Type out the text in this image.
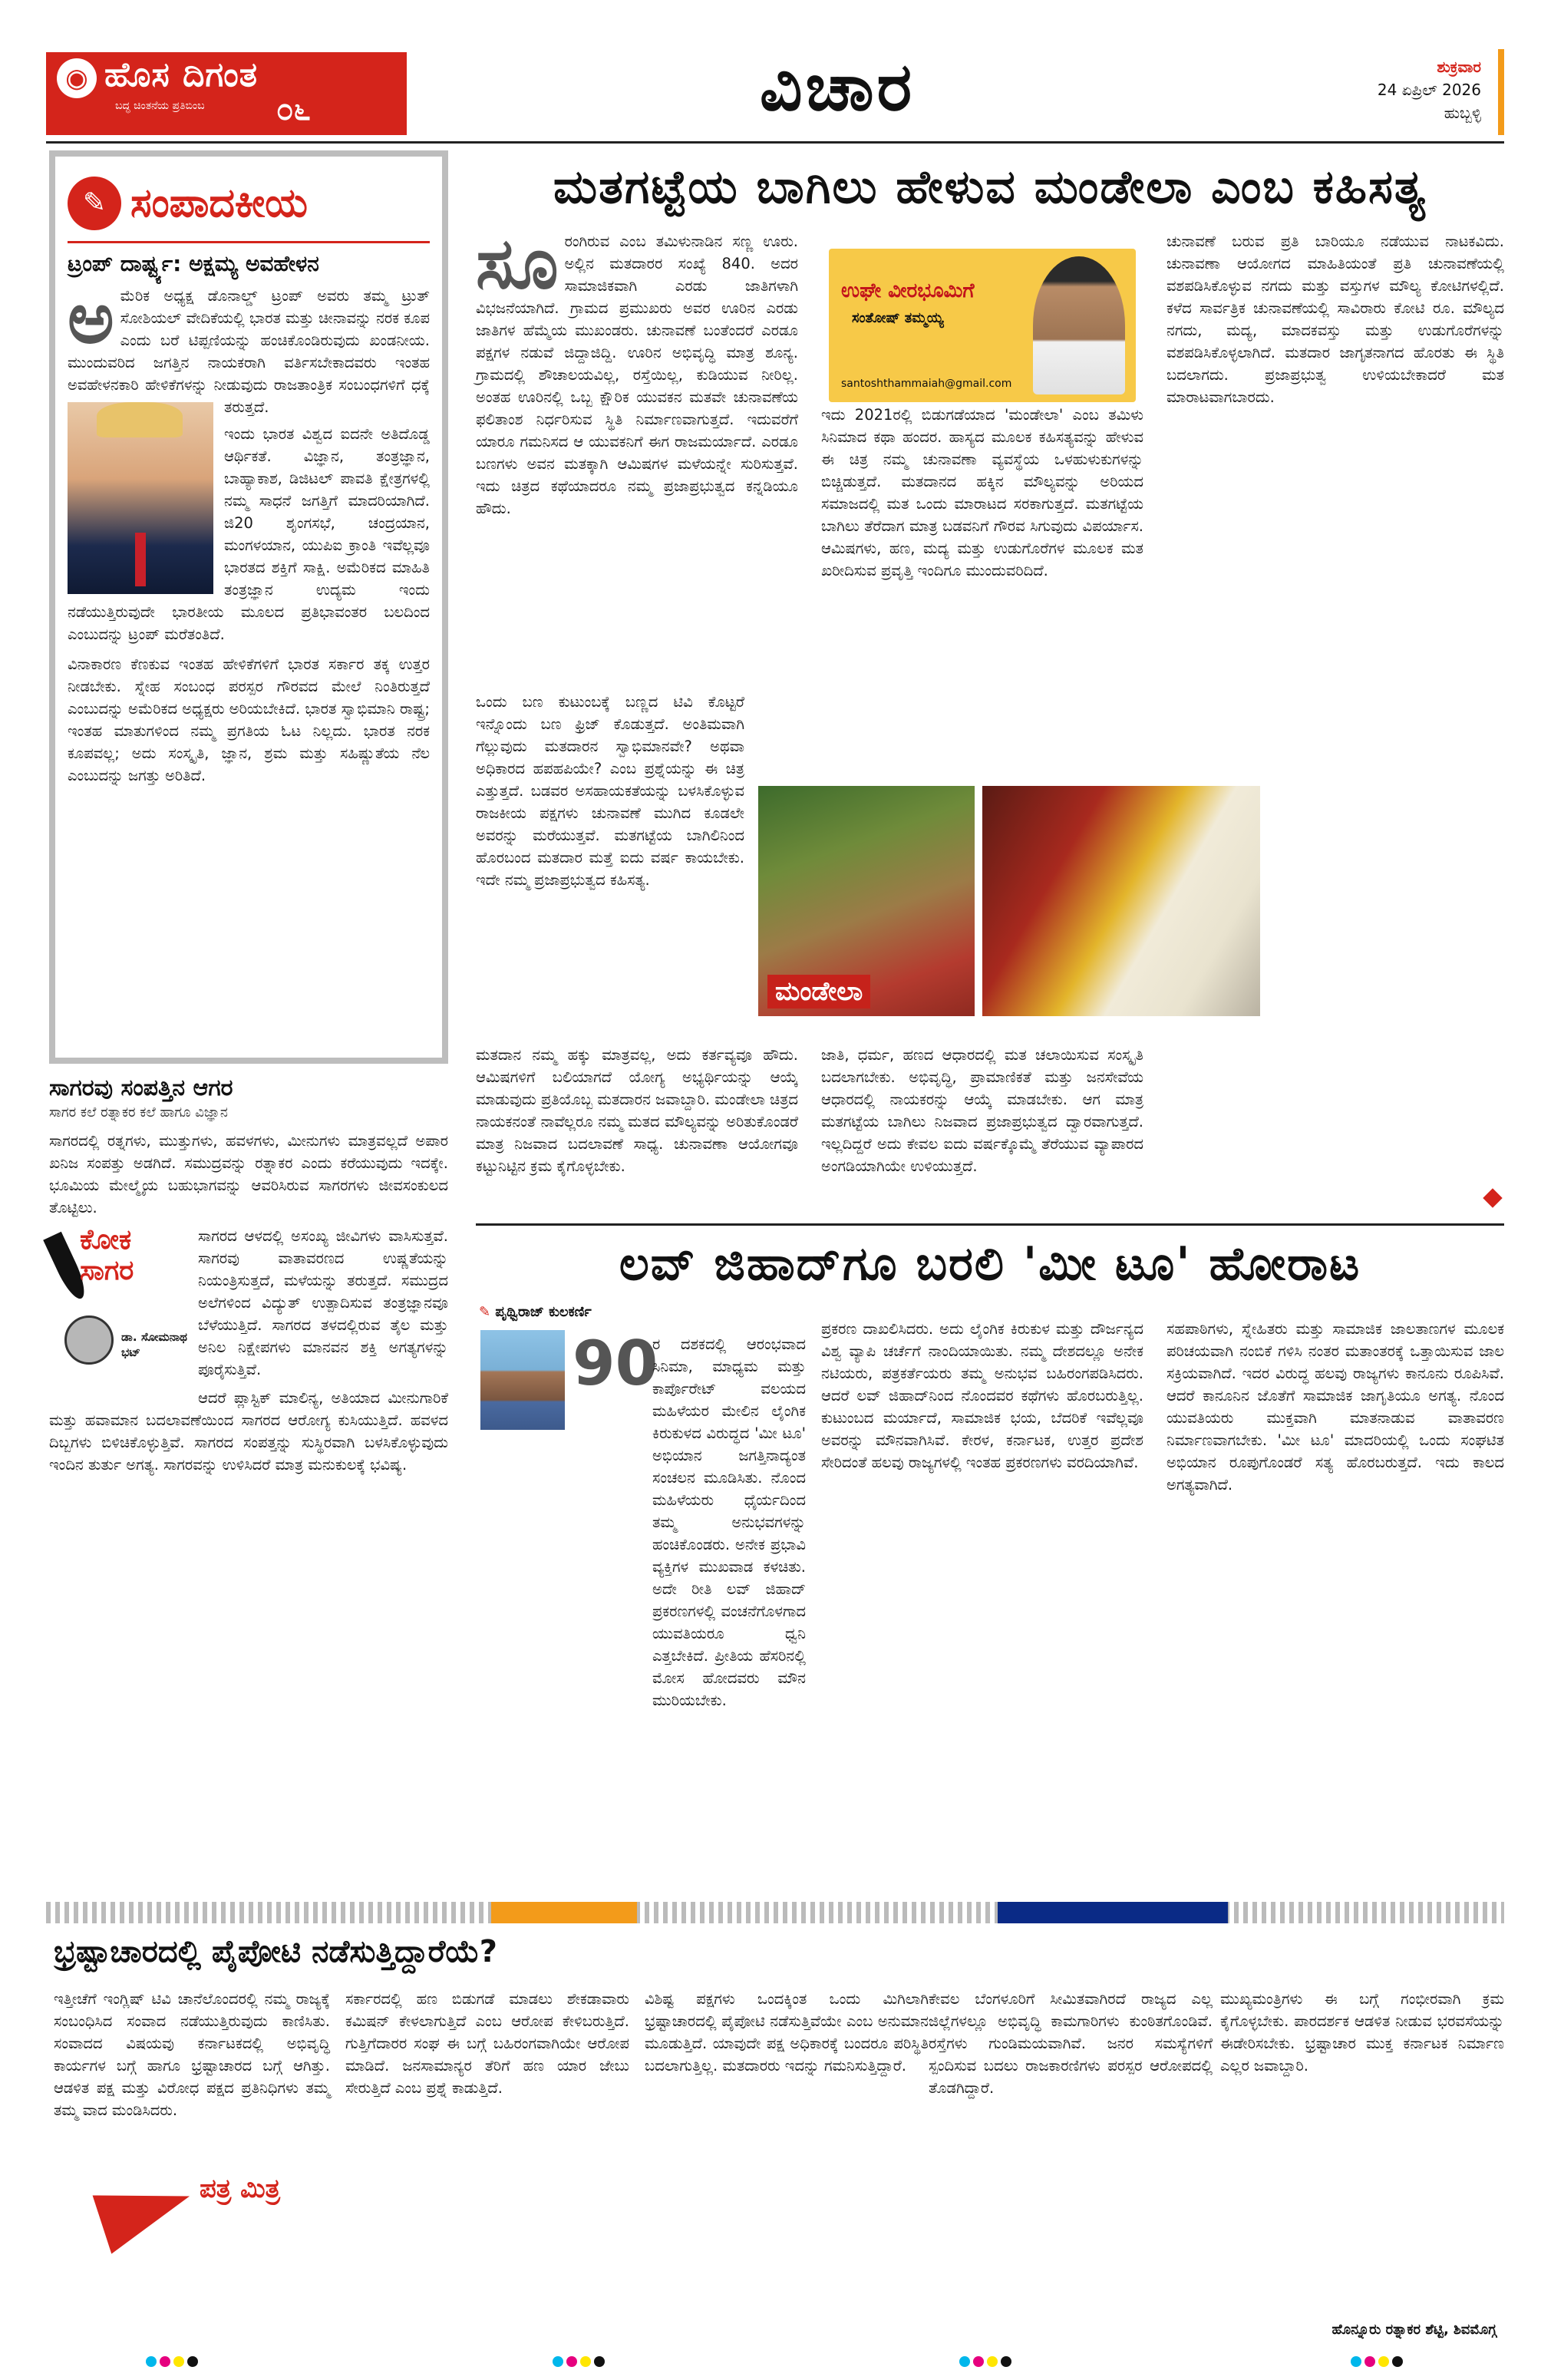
◉ ಹೊಸ ದಿಗಂತ
ಬದ್ಧ ಚಿಂತನೆಯ ಪ್ರತಿಬಿಂಬ ೦೬	ವಿಚಾರ	ಶುಕ್ರವಾರ
24 ಏಪ್ರಿಲ್ 2026
ಹುಬ್ಬಳ್ಳಿ
✎ ಸಂಪಾದಕೀಯ
ಟ್ರಂಪ್ ದಾರ್ಷ್ಟ್ಯ: ಅಕ್ಷಮ್ಯ ಅವಹೇಳನ
ಅ ಮೆರಿಕ ಅಧ್ಯಕ್ಷ ಡೊನಾಲ್ಡ್ ಟ್ರಂಪ್ ಅವರು ತಮ್ಮ ಟ್ರುತ್ ಸೋಶಿಯಲ್ ವೇದಿಕೆಯಲ್ಲಿ ಭಾರತ ಮತ್ತು ಚೀನಾವನ್ನು ನರಕ ಕೂಪ ಎಂದು ಬರೆ ಟಿಪ್ಪಣಿಯನ್ನು ಹಂಚಿಕೊಂಡಿರುವುದು ಖಂಡನೀಯ. ಮುಂದುವರಿದ ಜಗತ್ತಿನ ನಾಯಕರಾಗಿ ವರ್ತಿಸಬೇಕಾದವರು ಇಂತಹ ಅವಹೇಳನಕಾರಿ ಹೇಳಿಕೆಗಳನ್ನು ನೀಡುವುದು ರಾಜತಾಂತ್ರಿಕ ಸಂಬಂಧಗಳಿಗೆ ಧಕ್ಕೆ ತರುತ್ತದೆ.

ಇಂದು ಭಾರತ ವಿಶ್ವದ ಐದನೇ ಅತಿದೊಡ್ಡ ಆರ್ಥಿಕತೆ. ವಿಜ್ಞಾನ, ತಂತ್ರಜ್ಞಾನ, ಬಾಹ್ಯಾಕಾಶ, ಡಿಜಿಟಲ್ ಪಾವತಿ ಕ್ಷೇತ್ರಗಳಲ್ಲಿ ನಮ್ಮ ಸಾಧನೆ ಜಗತ್ತಿಗೆ ಮಾದರಿಯಾಗಿದೆ. ಜಿ20 ಶೃಂಗಸಭೆ, ಚಂದ್ರಯಾನ, ಮಂಗಳಯಾನ, ಯುಪಿಐ ಕ್ರಾಂತಿ ಇವೆಲ್ಲವೂ ಭಾರತದ ಶಕ್ತಿಗೆ ಸಾಕ್ಷಿ. ಅಮೆರಿಕದ ಮಾಹಿತಿ ತಂತ್ರಜ್ಞಾನ ಉದ್ಯಮ ಇಂದು ನಡೆಯುತ್ತಿರುವುದೇ ಭಾರತೀಯ ಮೂಲದ ಪ್ರತಿಭಾವಂತರ ಬಲದಿಂದ ಎಂಬುದನ್ನು ಟ್ರಂಪ್ ಮರೆತಂತಿದೆ.

ವಿನಾಕಾರಣ ಕೆಣಕುವ ಇಂತಹ ಹೇಳಿಕೆಗಳಿಗೆ ಭಾರತ ಸರ್ಕಾರ ತಕ್ಕ ಉತ್ತರ ನೀಡಬೇಕು. ಸ್ನೇಹ ಸಂಬಂಧ ಪರಸ್ಪರ ಗೌರವದ ಮೇಲೆ ನಿಂತಿರುತ್ತದೆ ಎಂಬುದನ್ನು ಅಮೆರಿಕದ ಅಧ್ಯಕ್ಷರು ಅರಿಯಬೇಕಿದೆ. ಭಾರತ ಸ್ವಾಭಿಮಾನಿ ರಾಷ್ಟ್ರ; ಇಂತಹ ಮಾತುಗಳಿಂದ ನಮ್ಮ ಪ್ರಗತಿಯ ಓಟ ನಿಲ್ಲದು. ಭಾರತ ನರಕ ಕೂಪವಲ್ಲ; ಅದು ಸಂಸ್ಕೃತಿ, ಜ್ಞಾನ, ಶ್ರಮ ಮತ್ತು ಸಹಿಷ್ಣುತೆಯ ನೆಲ ಎಂಬುದನ್ನು ಜಗತ್ತು ಅರಿತಿದೆ.

ಸಾಗರವು ಸಂಪತ್ತಿನ ಆಗರ
ಸಾಗರ ಕಲೆ ರತ್ನಾಕರ ಕಲೆ ಹಾಗೂ ವಿಜ್ಞಾನ

ಸಾಗರದಲ್ಲಿ ರತ್ನಗಳು, ಮುತ್ತುಗಳು, ಹವಳಗಳು, ಮೀನುಗಳು ಮಾತ್ರವಲ್ಲದೆ ಅಪಾರ ಖನಿಜ ಸಂಪತ್ತು ಅಡಗಿದೆ. ಸಮುದ್ರವನ್ನು ರತ್ನಾಕರ ಎಂದು ಕರೆಯುವುದು ಇದಕ್ಕೇ. ಭೂಮಿಯ ಮೇಲ್ಮೈಯ ಬಹುಭಾಗವನ್ನು ಆವರಿಸಿರುವ ಸಾಗರಗಳು ಜೀವಸಂಕುಲದ ತೊಟ್ಟಿಲು.

ಕೋಕ ಸಾಗರ
ಡಾ. ಸೋಮನಾಥ ಭಟ್

ಸಾಗರದ ಆಳದಲ್ಲಿ ಅಸಂಖ್ಯ ಜೀವಿಗಳು ವಾಸಿಸುತ್ತವೆ. ಸಾಗರವು ವಾತಾವರಣದ ಉಷ್ಣತೆಯನ್ನು ನಿಯಂತ್ರಿಸುತ್ತದೆ, ಮಳೆಯನ್ನು ತರುತ್ತದೆ. ಸಮುದ್ರದ ಅಲೆಗಳಿಂದ ವಿದ್ಯುತ್ ಉತ್ಪಾದಿಸುವ ತಂತ್ರಜ್ಞಾನವೂ ಬೆಳೆಯುತ್ತಿದೆ. ಸಾಗರದ ತಳದಲ್ಲಿರುವ ತೈಲ ಮತ್ತು ಅನಿಲ ನಿಕ್ಷೇಪಗಳು ಮಾನವನ ಶಕ್ತಿ ಅಗತ್ಯಗಳನ್ನು ಪೂರೈಸುತ್ತಿವೆ.

ಆದರೆ ಪ್ಲಾಸ್ಟಿಕ್ ಮಾಲಿನ್ಯ, ಅತಿಯಾದ ಮೀನುಗಾರಿಕೆ ಮತ್ತು ಹವಾಮಾನ ಬದಲಾವಣೆಯಿಂದ ಸಾಗರದ ಆರೋಗ್ಯ ಕುಸಿಯುತ್ತಿದೆ. ಹವಳದ ದಿಬ್ಬಗಳು ಬಿಳಿಚಿಕೊಳ್ಳುತ್ತಿವೆ. ಸಾಗರದ ಸಂಪತ್ತನ್ನು ಸುಸ್ಥಿರವಾಗಿ ಬಳಸಿಕೊಳ್ಳುವುದು ಇಂದಿನ ತುರ್ತು ಅಗತ್ಯ. ಸಾಗರವನ್ನು ಉಳಿಸಿದರೆ ಮಾತ್ರ ಮನುಕುಲಕ್ಕೆ ಭವಿಷ್ಯ.

ಮತಗಟ್ಟೆಯ ಬಾಗಿಲು ಹೇಳುವ ಮಂಡೇಲಾ ಎಂಬ ಕಹಿಸತ್ಯ
ಸೂ ರಂಗಿರುವ ಎಂಬ ತಮಿಳುನಾಡಿನ ಸಣ್ಣ ಊರು. ಅಲ್ಲಿನ ಮತದಾರರ ಸಂಖ್ಯೆ 840. ಅದರ ಸಾಮಾಜಿಕವಾಗಿ ಎರಡು ಜಾತಿಗಳಾಗಿ ವಿಭಜನೆಯಾಗಿದೆ. ಗ್ರಾಮದ ಪ್ರಮುಖರು ಅವರ ಊರಿನ ಎರಡು ಜಾತಿಗಳ ಹೆಮ್ಮೆಯ ಮುಖಂಡರು. ಚುನಾವಣೆ ಬಂತೆಂದರೆ ಎರಡೂ ಪಕ್ಷಗಳ ನಡುವೆ ಜಿದ್ದಾಜಿದ್ದಿ. ಊರಿನ ಅಭಿವೃದ್ಧಿ ಮಾತ್ರ ಶೂನ್ಯ. ಗ್ರಾಮದಲ್ಲಿ ಶೌಚಾಲಯವಿಲ್ಲ, ರಸ್ತೆಯಿಲ್ಲ, ಕುಡಿಯುವ ನೀರಿಲ್ಲ. ಅಂತಹ ಊರಿನಲ್ಲಿ ಒಬ್ಬ ಕ್ಷೌರಿಕ ಯುವಕನ ಮತವೇ ಚುನಾವಣೆಯ ಫಲಿತಾಂಶ ನಿರ್ಧರಿಸುವ ಸ್ಥಿತಿ ನಿರ್ಮಾಣವಾಗುತ್ತದೆ. ಇದುವರೆಗೆ ಯಾರೂ ಗಮನಿಸದ ಆ ಯುವಕನಿಗೆ ಈಗ ರಾಜಮರ್ಯಾದೆ. ಎರಡೂ ಬಣಗಳು ಅವನ ಮತಕ್ಕಾಗಿ ಆಮಿಷಗಳ ಮಳೆಯನ್ನೇ ಸುರಿಸುತ್ತವೆ. ಇದು ಚಿತ್ರದ ಕಥೆಯಾದರೂ ನಮ್ಮ ಪ್ರಜಾಪ್ರಭುತ್ವದ ಕನ್ನಡಿಯೂ ಹೌದು.
ಇದು 2021ರಲ್ಲಿ ಬಿಡುಗಡೆಯಾದ 'ಮಂಡೇಲಾ' ಎಂಬ ತಮಿಳು ಸಿನಿಮಾದ ಕಥಾ ಹಂದರ. ಹಾಸ್ಯದ ಮೂಲಕ ಕಹಿಸತ್ಯವನ್ನು ಹೇಳುವ ಈ ಚಿತ್ರ ನಮ್ಮ ಚುನಾವಣಾ ವ್ಯವಸ್ಥೆಯ ಒಳಹುಳುಕುಗಳನ್ನು ಬಿಚ್ಚಿಡುತ್ತದೆ. ಮತದಾನದ ಹಕ್ಕಿನ ಮೌಲ್ಯವನ್ನು ಅರಿಯದ ಸಮಾಜದಲ್ಲಿ ಮತ ಒಂದು ಮಾರಾಟದ ಸರಕಾಗುತ್ತದೆ. ಮತಗಟ್ಟೆಯ ಬಾಗಿಲು ತೆರೆದಾಗ ಮಾತ್ರ ಬಡವನಿಗೆ ಗೌರವ ಸಿಗುವುದು ವಿಪರ್ಯಾಸ. ಆಮಿಷಗಳು, ಹಣ, ಮದ್ಯ ಮತ್ತು ಉಡುಗೊರೆಗಳ ಮೂಲಕ ಮತ ಖರೀದಿಸುವ ಪ್ರವೃತ್ತಿ ಇಂದಿಗೂ ಮುಂದುವರಿದಿದೆ.
ಚುನಾವಣೆ ಬರುವ ಪ್ರತಿ ಬಾರಿಯೂ ನಡೆಯುವ ನಾಟಕವಿದು. ಚುನಾವಣಾ ಆಯೋಗದ ಮಾಹಿತಿಯಂತೆ ಪ್ರತಿ ಚುನಾವಣೆಯಲ್ಲಿ ವಶಪಡಿಸಿಕೊಳ್ಳುವ ನಗದು ಮತ್ತು ವಸ್ತುಗಳ ಮೌಲ್ಯ ಕೋಟಿಗಳಲ್ಲಿದೆ. ಕಳೆದ ಸಾರ್ವತ್ರಿಕ ಚುನಾವಣೆಯಲ್ಲಿ ಸಾವಿರಾರು ಕೋಟಿ ರೂ. ಮೌಲ್ಯದ ನಗದು, ಮದ್ಯ, ಮಾದಕವಸ್ತು ಮತ್ತು ಉಡುಗೊರೆಗಳನ್ನು ವಶಪಡಿಸಿಕೊಳ್ಳಲಾಗಿದೆ. ಮತದಾರ ಜಾಗೃತನಾಗದ ಹೊರತು ಈ ಸ್ಥಿತಿ ಬದಲಾಗದು. ಪ್ರಜಾಪ್ರಭುತ್ವ ಉಳಿಯಬೇಕಾದರೆ ಮತ ಮಾರಾಟವಾಗಬಾರದು.
ಒಂದು ಬಣ ಕುಟುಂಬಕ್ಕೆ ಬಣ್ಣದ ಟಿವಿ ಕೊಟ್ಟರೆ ಇನ್ನೊಂದು ಬಣ ಫ್ರಿಜ್ ಕೊಡುತ್ತದೆ. ಅಂತಿಮವಾಗಿ ಗೆಲ್ಲುವುದು ಮತದಾರನ ಸ್ವಾಭಿಮಾನವೇ? ಅಥವಾ ಅಧಿಕಾರದ ಹಪಹಪಿಯೇ? ಎಂಬ ಪ್ರಶ್ನೆಯನ್ನು ಈ ಚಿತ್ರ ಎತ್ತುತ್ತದೆ. ಬಡವರ ಅಸಹಾಯಕತೆಯನ್ನು ಬಳಸಿಕೊಳ್ಳುವ ರಾಜಕೀಯ ಪಕ್ಷಗಳು ಚುನಾವಣೆ ಮುಗಿದ ಕೂಡಲೇ ಅವರನ್ನು ಮರೆಯುತ್ತವೆ. ಮತಗಟ್ಟೆಯ ಬಾಗಿಲಿನಿಂದ ಹೊರಬಂದ ಮತದಾರ ಮತ್ತೆ ಐದು ವರ್ಷ ಕಾಯಬೇಕು. ಇದೇ ನಮ್ಮ ಪ್ರಜಾಪ್ರಭುತ್ವದ ಕಹಿಸತ್ಯ.
ಮತದಾನ ನಮ್ಮ ಹಕ್ಕು ಮಾತ್ರವಲ್ಲ, ಅದು ಕರ್ತವ್ಯವೂ ಹೌದು. ಆಮಿಷಗಳಿಗೆ ಬಲಿಯಾಗದೆ ಯೋಗ್ಯ ಅಭ್ಯರ್ಥಿಯನ್ನು ಆಯ್ಕೆ ಮಾಡುವುದು ಪ್ರತಿಯೊಬ್ಬ ಮತದಾರನ ಜವಾಬ್ದಾರಿ. ಮಂಡೇಲಾ ಚಿತ್ರದ ನಾಯಕನಂತೆ ನಾವೆಲ್ಲರೂ ನಮ್ಮ ಮತದ ಮೌಲ್ಯವನ್ನು ಅರಿತುಕೊಂಡರೆ ಮಾತ್ರ ನಿಜವಾದ ಬದಲಾವಣೆ ಸಾಧ್ಯ. ಚುನಾವಣಾ ಆಯೋಗವೂ ಕಟ್ಟುನಿಟ್ಟಿನ ಕ್ರಮ ಕೈಗೊಳ್ಳಬೇಕು.
ಜಾತಿ, ಧರ್ಮ, ಹಣದ ಆಧಾರದಲ್ಲಿ ಮತ ಚಲಾಯಿಸುವ ಸಂಸ್ಕೃತಿ ಬದಲಾಗಬೇಕು. ಅಭಿವೃದ್ಧಿ, ಪ್ರಾಮಾಣಿಕತೆ ಮತ್ತು ಜನಸೇವೆಯ ಆಧಾರದಲ್ಲಿ ನಾಯಕರನ್ನು ಆಯ್ಕೆ ಮಾಡಬೇಕು. ಆಗ ಮಾತ್ರ ಮತಗಟ್ಟೆಯ ಬಾಗಿಲು ನಿಜವಾದ ಪ್ರಜಾಪ್ರಭುತ್ವದ ದ್ವಾರವಾಗುತ್ತದೆ. ಇಲ್ಲದಿದ್ದರೆ ಅದು ಕೇವಲ ಐದು ವರ್ಷಕ್ಕೊಮ್ಮೆ ತೆರೆಯುವ ವ್ಯಾಪಾರದ ಅಂಗಡಿಯಾಗಿಯೇ ಉಳಿಯುತ್ತದೆ.
ಉಘೇ ವೀರಭೂಮಿಗೆ
ಸಂತೋಷ್ ತಮ್ಮಯ್ಯ
santoshthammaiah@gmail.com
ಮಂಡೇಲಾ
ಲವ್ ಜಿಹಾದ್‌ಗೂ ಬರಲಿ 'ಮೀ ಟೂ' ಹೋರಾಟ
✎ ಪೃಥ್ವಿರಾಜ್ ಕುಲಕರ್ಣಿ
90
ರ ದಶಕದಲ್ಲಿ ಆರಂಭವಾದ ಸಿನಿಮಾ, ಮಾಧ್ಯಮ ಮತ್ತು ಕಾರ್ಪೊರೇಟ್ ವಲಯದ ಮಹಿಳೆಯರ ಮೇಲಿನ ಲೈಂಗಿಕ ಕಿರುಕುಳದ ವಿರುದ್ಧದ 'ಮೀ ಟೂ' ಅಭಿಯಾನ ಜಗತ್ತಿನಾದ್ಯಂತ ಸಂಚಲನ ಮೂಡಿಸಿತು. ನೊಂದ ಮಹಿಳೆಯರು ಧೈರ್ಯದಿಂದ ತಮ್ಮ ಅನುಭವಗಳನ್ನು ಹಂಚಿಕೊಂಡರು. ಅನೇಕ ಪ್ರಭಾವಿ ವ್ಯಕ್ತಿಗಳ ಮುಖವಾಡ ಕಳಚಿತು. ಅದೇ ರೀತಿ ಲವ್ ಜಿಹಾದ್ ಪ್ರಕರಣಗಳಲ್ಲಿ ವಂಚನೆಗೊಳಗಾದ ಯುವತಿಯರೂ ಧ್ವನಿ ಎತ್ತಬೇಕಿದೆ. ಪ್ರೀತಿಯ ಹೆಸರಿನಲ್ಲಿ ಮೋಸ ಹೋದವರು ಮೌನ ಮುರಿಯಬೇಕು.
ಪ್ರಕರಣ ದಾಖಲಿಸಿದರು. ಅದು ಲೈಂಗಿಕ ಕಿರುಕುಳ ಮತ್ತು ದೌರ್ಜನ್ಯದ ವಿಶ್ವ ವ್ಯಾಪಿ ಚರ್ಚೆಗೆ ನಾಂದಿಯಾಯಿತು. ನಮ್ಮ ದೇಶದಲ್ಲೂ ಅನೇಕ ನಟಿಯರು, ಪತ್ರಕರ್ತೆಯರು ತಮ್ಮ ಅನುಭವ ಬಹಿರಂಗಪಡಿಸಿದರು. ಆದರೆ ಲವ್ ಜಿಹಾದ್‌ನಿಂದ ನೊಂದವರ ಕಥೆಗಳು ಹೊರಬರುತ್ತಿಲ್ಲ. ಕುಟುಂಬದ ಮರ್ಯಾದೆ, ಸಾಮಾಜಿಕ ಭಯ, ಬೆದರಿಕೆ ಇವೆಲ್ಲವೂ ಅವರನ್ನು ಮೌನವಾಗಿಸಿವೆ. ಕೇರಳ, ಕರ್ನಾಟಕ, ಉತ್ತರ ಪ್ರದೇಶ ಸೇರಿದಂತೆ ಹಲವು ರಾಜ್ಯಗಳಲ್ಲಿ ಇಂತಹ ಪ್ರಕರಣಗಳು ವರದಿಯಾಗಿವೆ.
ಸಹಪಾಠಿಗಳು, ಸ್ನೇಹಿತರು ಮತ್ತು ಸಾಮಾಜಿಕ ಜಾಲತಾಣಗಳ ಮೂಲಕ ಪರಿಚಯವಾಗಿ ನಂಬಿಕೆ ಗಳಿಸಿ ನಂತರ ಮತಾಂತರಕ್ಕೆ ಒತ್ತಾಯಿಸುವ ಜಾಲ ಸಕ್ರಿಯವಾಗಿದೆ. ಇದರ ವಿರುದ್ಧ ಹಲವು ರಾಜ್ಯಗಳು ಕಾನೂನು ರೂಪಿಸಿವೆ. ಆದರೆ ಕಾನೂನಿನ ಜೊತೆಗೆ ಸಾಮಾಜಿಕ ಜಾಗೃತಿಯೂ ಅಗತ್ಯ. ನೊಂದ ಯುವತಿಯರು ಮುಕ್ತವಾಗಿ ಮಾತನಾಡುವ ವಾತಾವರಣ ನಿರ್ಮಾಣವಾಗಬೇಕು. 'ಮೀ ಟೂ' ಮಾದರಿಯಲ್ಲಿ ಒಂದು ಸಂಘಟಿತ ಅಭಿಯಾನ ರೂಪುಗೊಂಡರೆ ಸತ್ಯ ಹೊರಬರುತ್ತದೆ. ಇದು ಕಾಲದ ಅಗತ್ಯವಾಗಿದೆ.
ಭ್ರಷ್ಟಾಚಾರದಲ್ಲಿ ಪೈಪೋಟಿ ನಡೆಸುತ್ತಿದ್ದಾರೆಯೆ?
ಇತ್ತೀಚೆಗೆ ಇಂಗ್ಲಿಷ್ ಟಿವಿ ಚಾನೆಲೊಂದರಲ್ಲಿ ನಮ್ಮ ರಾಜ್ಯಕ್ಕೆ ಸಂಬಂಧಿಸಿದ ಸಂವಾದ ನಡೆಯುತ್ತಿರುವುದು ಕಾಣಿಸಿತು. ಸಂವಾದದ ವಿಷಯವು ಕರ್ನಾಟಕದಲ್ಲಿ ಅಭಿವೃದ್ಧಿ ಕಾರ್ಯಗಳ ಬಗ್ಗೆ ಹಾಗೂ ಭ್ರಷ್ಟಾಚಾರದ ಬಗ್ಗೆ ಆಗಿತ್ತು. ಆಡಳಿತ ಪಕ್ಷ ಮತ್ತು ವಿರೋಧ ಪಕ್ಷದ ಪ್ರತಿನಿಧಿಗಳು ತಮ್ಮ ತಮ್ಮ ವಾದ ಮಂಡಿಸಿದರು.
ಪತ್ರ ಮಿತ್ರ
ಸರ್ಕಾರದಲ್ಲಿ ಹಣ ಬಿಡುಗಡೆ ಮಾಡಲು ಶೇಕಡಾವಾರು ಕಮಿಷನ್ ಕೇಳಲಾಗುತ್ತಿದೆ ಎಂಬ ಆರೋಪ ಕೇಳಿಬರುತ್ತಿದೆ. ಗುತ್ತಿಗೆದಾರರ ಸಂಘ ಈ ಬಗ್ಗೆ ಬಹಿರಂಗವಾಗಿಯೇ ಆರೋಪ ಮಾಡಿದೆ. ಜನಸಾಮಾನ್ಯರ ತೆರಿಗೆ ಹಣ ಯಾರ ಜೇಬು ಸೇರುತ್ತಿದೆ ಎಂಬ ಪ್ರಶ್ನೆ ಕಾಡುತ್ತಿದೆ.
ವಿಶಿಷ್ಟ ಪಕ್ಷಗಳು ಒಂದಕ್ಕಿಂತ ಒಂದು ಮಿಗಿಲಾಗಿ ಭ್ರಷ್ಟಾಚಾರದಲ್ಲಿ ಪೈಪೋಟಿ ನಡೆಸುತ್ತಿವೆಯೇ ಎಂಬ ಅನುಮಾನ ಮೂಡುತ್ತಿದೆ. ಯಾವುದೇ ಪಕ್ಷ ಅಧಿಕಾರಕ್ಕೆ ಬಂದರೂ ಪರಿಸ್ಥಿತಿ ಬದಲಾಗುತ್ತಿಲ್ಲ. ಮತದಾರರು ಇದನ್ನು ಗಮನಿಸುತ್ತಿದ್ದಾರೆ.
ಕೇವಲ ಬೆಂಗಳೂರಿಗೆ ಸೀಮಿತವಾಗಿರದೆ ರಾಜ್ಯದ ಎಲ್ಲ ಜಿಲ್ಲೆಗಳಲ್ಲೂ ಅಭಿವೃದ್ಧಿ ಕಾಮಗಾರಿಗಳು ಕುಂಠಿತಗೊಂಡಿವೆ. ರಸ್ತೆಗಳು ಗುಂಡಿಮಯವಾಗಿವೆ. ಜನರ ಸಮಸ್ಯೆಗಳಿಗೆ ಸ್ಪಂದಿಸುವ ಬದಲು ರಾಜಕಾರಣಿಗಳು ಪರಸ್ಪರ ಆರೋಪದಲ್ಲಿ ತೊಡಗಿದ್ದಾರೆ.
ಮುಖ್ಯಮಂತ್ರಿಗಳು ಈ ಬಗ್ಗೆ ಗಂಭೀರವಾಗಿ ಕ್ರಮ ಕೈಗೊಳ್ಳಬೇಕು. ಪಾರದರ್ಶಕ ಆಡಳಿತ ನೀಡುವ ಭರವಸೆಯನ್ನು ಈಡೇರಿಸಬೇಕು. ಭ್ರಷ್ಟಾಚಾರ ಮುಕ್ತ ಕರ್ನಾಟಕ ನಿರ್ಮಾಣ ಎಲ್ಲರ ಜವಾಬ್ದಾರಿ.
ಹೊನ್ನೂರು ರತ್ನಾಕರ ಶೆಟ್ಟಿ, ಶಿವಮೊಗ್ಗ
